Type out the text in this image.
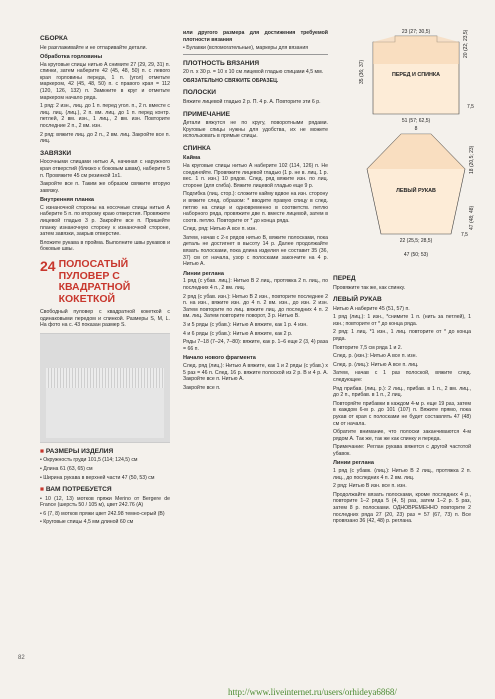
СБОРКА

Не разглаживайте и не отпаривайте детали.

Обработка горловины

На круговые спицы нитью А снимите 27 (29, 29, 31) п. спинки, затем наберите 42 (45, 48, 50) п. с левого края горловины переда, 1 п. (угол) отметьте маркером, 42 (45, 48, 50) п. с правого края = 112 (120, 126, 132) п. Замкните в круг и отметьте маркером начало ряда.

1 ряд: 2 изн., лиц. до 1 п. перед угол. п., 2 п. вместе с лиц. лиц. (лиц.), 2 п. вм. лиц. до 1 п. перед контр. петлей, 2 вм. изн., 1 лиц., 2 вм. изн. Повторите последние 2 п., 2 вм. изн.

2 ряд: вяжите лиц. до 2 п., 2 вм. лиц. Закройте все п. лиц.

ЗАВЯЗКИ

Носочными спицами нитью А, начиная с наружного края отверстий (близко к боковым швам), наберите 5 п. Провяжите 45 см резинкой 1x1.

Закройте все п. Таким же образом свяжите вторую завязку.

Внутренняя планка

С изнаночной стороны на носочные спицы нитью А наберите 5 п. по второму краю отверстия. Провяжите лицевой гладью 3 р. Закройте все п. Пришейте планку изнаночную сторону к изнаночной стороне, затем завязки, закрыв отверстие.

Вложите рукава в пройма. Выполните швы рукавов и боковые швы.

24 ПОЛОСАТЫЙ ПУЛОВЕР С КВАДРАТНОЙ КОКЕТКОЙ

Свободный пуловер с квадратной кокеткой с одинаковыми передом и спинкой. Размеры S, M, L. На фото на с. 43 показан размер S.

■ РАЗМЕРЫ ИЗДЕЛИЯ

• Окружность груди 101,5 (114; 124,5) см

• Длина 61 (63, 65) см

• Ширина рукава в верхней части 47 (50, 53) см

■ ВАМ ПОТРЕБУЕТСЯ

• 10 (12, 13) мотков пряжи Merino от Bergere de France (шерсть 50 / 105 м), цвет 242.76 (А)

• 6 (7, 8) мотков пряжи цвет 242.98 темно-серый (В)

• Круговые спицы 4,5 мм длиной 60 см

или другого размера для достижения требуемой плотности вязания

• Булавки (вспомогательные), маркеры для вязания

ПЛОТНОСТЬ ВЯЗАНИЯ

20 п. x 30 р. = 10 x 10 см лицевой гладью спицами 4,5 мм.

ОБЯЗАТЕЛЬНО СВЯЖИТЕ ОБРАЗЕЦ.

ПОЛОСКИ

Вяжите лицевой гладью 2 р. П. 4 р. А. Повторите эти 6 р.

ПРИМЕЧАНИЕ

Детали вяжутся не по кругу, поворотными рядами. Круговые спицы нужны для удобства, их не можете использовать в прямые спицы.

СПИНКА
Кайма

На круговые спицы нитью А наберите 102 (114, 126) п. Не соединяйте. Провяжите лицевой гладью (1 р. не в. лиц. 1 р. вес. 1 п. изн.) 10 рядов. След. ряд вяжите изн. по лиц. стороне (для сгиба). Вяжите лицевой гладью еще 9 р.

Подгибка (лиц. стор.): сложите кайму вдвое на изн. сторону и вяжите след. образом: * вводите правую спицу в след. петлю на спице и одновременно в соответств. петлю наборного ряда, провяжите две п. вместе лицевой, затем в соотв. петлю. Повторите от * до конца ряда.

След. ряд: Нитью А все п. изн.

Затем, начав с 2-х рядов нитью В, вяжите полосками, пока деталь не достигнет в высоту 14 р. Далее продолжайте вязать полосками, пока длина изделия не составит 35 (36, 37) см от начала, узор с полосками закончите на 4 р. Нитью А.

Линии реглана

1 ряд (с убав. лиц.): Нитью В 2 лиц., протяжка 2 п. лиц., по последних 4 п., 2 вм. лиц.

2 ряд (с убав. изн.): Нитью В 2 изн., повторите последнее 2 п. на изн., вяжите изн. до 4 п. 2 вм. изн., до изн. 2 изн. Затем повторите по лиц. вяжите лиц. до последних 4 п. 2 вм. лиц. Затем повторите поворот, 3 р. Нитью В.

3 и 5 ряды (с убав.): Нитью А вяжите, как 1 р. 4 изн.

4 и 6 ряды (с убав.): Нитью А вяжите, как 2 р.

Ряды 7–18 (7–24, 7–80): вяжите, как р. 1–6 еще 2 (3, 4) раза = 66 п.

Начало нового фрагмента

След. ряд (лиц.): Нитью А вяжите, как 1 и 2 ряды (с убав.) х 5 раз = 46 п. След. 16 р. вяжите полоской из 2 р. В и 4 р. А. Закройте все п. Нитью А.

Закройте все п.

ПЕРЕД И СПИНКА
23 (27; 30,5)
51 (57; 62,5)
35 (36; 37)
20 (22; 23,5)
7,5
ЛЕВЫЙ РУКАВ
8
22 (25,5; 28,5)
47 (50; 53)
18 (20,5; 23)
47 (48; 48)
7,5
ПЕРЕД

Провяжите так же, как спинку.

ЛЕВЫЙ РУКАВ

Нитью А наберите 45 (51, 57) п.

1 ряд (лиц.): 1 изн., *снимите 1 п. (нить за петлей), 1 изн.; повторите от * до конца ряда.

2 ряд: 1 лиц. *1 изн., 1 лиц. повторите от * до конца ряда.

Повторите 7,5 см ряда 1 и 2.

След. р. (изн.): Нитью А все п. изн.

След. р. (лиц.): Нитью А все п. лиц.

Затем, начав с 1 раз полоской, вяжите след. следующее:

Ряд прибав. (лиц. р.): 2 лиц., прибав. в 1 п., 2 вм. лиц., до 2 п., прибав. в 1 п., 2 лиц.

Повторяйте прибавки в каждом 4-м р. еще 19 раз, затем в каждом 6-м р. до 101 (107) п. Вяжите прямо, пока рукав от края с полосками не будет составлять 47 (48) см от начала.

Обратите внимание, что полоски заканчиваются 4-м рядом А. Так же, так же как спинку и переда.

Примечание: Реглан рукава вяжется с другой частотой убавок.

Линии реглана

1 ряд (с убавк. (лиц.): Нитью В 2 лиц., протяжка 2 п. лиц., до последних 4 п. 2 вм. лиц.

2 ряд: Нитью В изн. все п. изн.

Продолжайте вязать полосками, кроме последних 4 р., повторите 1–2 ряда 5 (4, 5) раз, затем 1–2 р. 5 раз, затем 8 р. полосками. ОДНОВРЕМЕННО повторите 2 последних ряда 27 (20, 23) раз = 57 (67, 73) п. Все провязано 36 (42, 48) р. реглана.

82
http://www.liveinternet.ru/users/orhideya6868/
